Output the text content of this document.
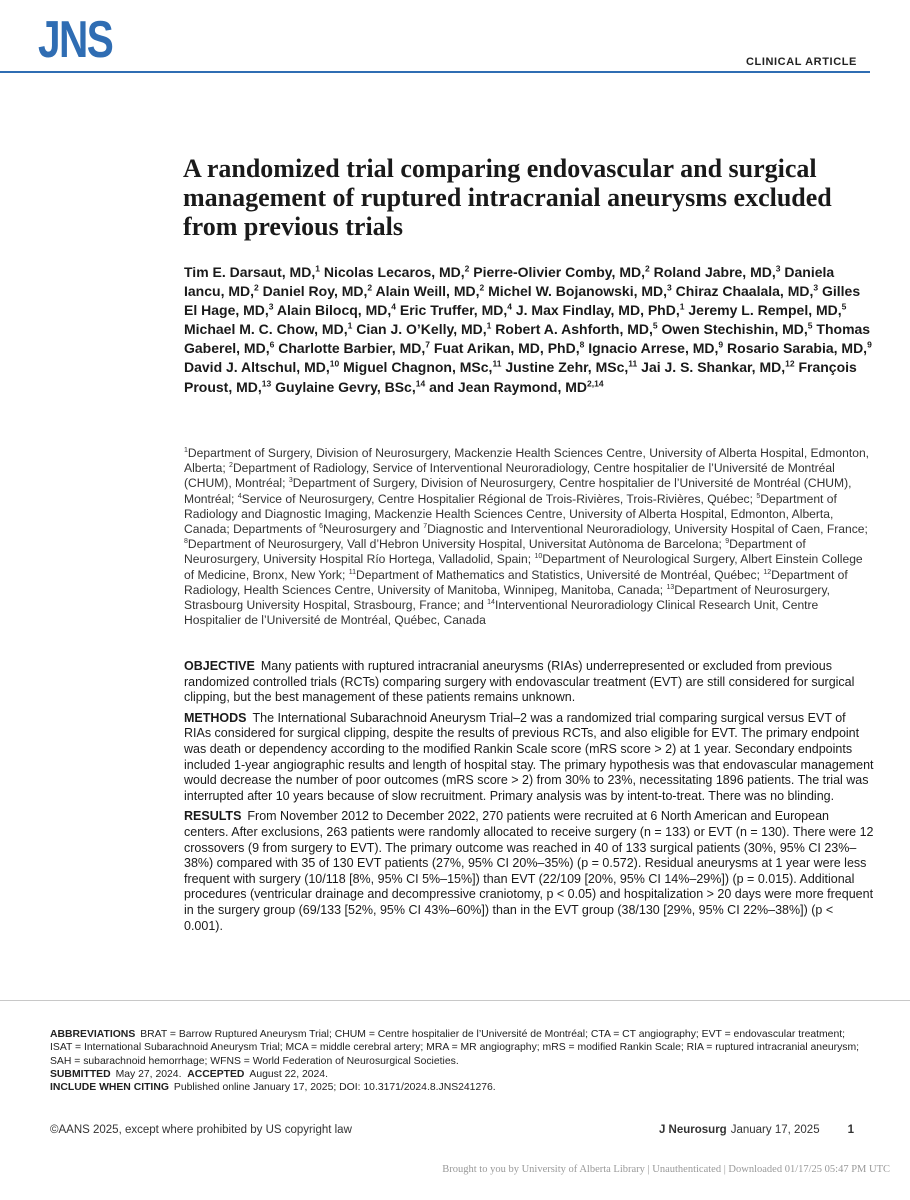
JNS	CLINICAL ARTICLE
A randomized trial comparing endovascular and surgical management of ruptured intracranial aneurysms excluded from previous trials
Tim E. Darsaut, MD,$^1$ Nicolas Lecaros, MD,$^2$ Pierre-Olivier Comby, MD,$^2$ Roland Jabre, MD,$^3$ Daniela Iancu, MD,$^2$ Daniel Roy, MD,$^2$ Alain Weill, MD,$^2$ Michel W. Bojanowski, MD,$^3$ Chiraz Chaalala, MD,$^3$ Gilles El Hage, MD,$^3$ Alain Bilocq, MD,$^4$ Eric Truffer, MD,$^4$ J. Max Findlay, MD, PhD,$^1$ Jeremy L. Rempel, MD,$^5$ Michael M. C. Chow, MD,$^1$ Cian J. O’Kelly, MD,$^1$ Robert A. Ashforth, MD,$^5$ Owen Stechishin, MD,$^5$ Thomas Gaberel, MD,$^6$ Charlotte Barbier, MD,$^7$ Fuat Arikan, MD, PhD,$^8$ Ignacio Arrese, MD,$^9$ Rosario Sarabia, MD,$^9$ David J. Altschul, MD,$^{10}$ Miguel Chagnon, MSc,$^{11}$ Justine Zehr, MSc,$^{11}$ Jai J. S. Shankar, MD,$^{12}$ François Proust, MD,$^{13}$ Guylaine Gevry, BSc,$^{14}$ and Jean Raymond, MD$^{2,14}$
$^1$Department of Surgery, Division of Neurosurgery, Mackenzie Health Sciences Centre, University of Alberta Hospital, Edmonton, Alberta; $^2$Department of Radiology, Service of Interventional Neuroradiology, Centre hospitalier de l’Université de Montréal (CHUM), Montréal; $^3$Department of Surgery, Division of Neurosurgery, Centre hospitalier de l’Université de Montréal (CHUM), Montréal; $^4$Service of Neurosurgery, Centre Hospitalier Régional de Trois-Rivières, Trois-Rivières, Québec; $^5$Department of Radiology and Diagnostic Imaging, Mackenzie Health Sciences Centre, University of Alberta Hospital, Edmonton, Alberta, Canada; Departments of $^6$Neurosurgery and $^7$Diagnostic and Interventional Neuroradiology, University Hospital of Caen, France; $^8$Department of Neurosurgery, Vall d’Hebron University Hospital, Universitat Autònoma de Barcelona; $^9$Department of Neurosurgery, University Hospital Río Hortega, Valladolid, Spain; $^{10}$Department of Neurological Surgery, Albert Einstein College of Medicine, Bronx, New York; $^{11}$Department of Mathematics and Statistics, Université de Montréal, Québec; $^{12}$Department of Radiology, Health Sciences Centre, University of Manitoba, Winnipeg, Manitoba, Canada; $^{13}$Department of Neurosurgery, Strasbourg University Hospital, Strasbourg, France; and $^{14}$Interventional Neuroradiology Clinical Research Unit, Centre Hospitalier de l’Université de Montréal, Québec, Canada

OBJECTIVE Many patients with ruptured intracranial aneurysms (RIAs) underrepresented or excluded from previous randomized controlled trials (RCTs) comparing surgery with endovascular treatment (EVT) are still considered for surgical clipping, but the best management of these patients remains unknown.

METHODS The International Subarachnoid Aneurysm Trial–2 was a randomized trial comparing surgical versus EVT of RIAs considered for surgical clipping, despite the results of previous RCTs, and also eligible for EVT. The primary endpoint was death or dependency according to the modified Rankin Scale score (mRS score > 2) at 1 year. Secondary endpoints included 1-year angiographic results and length of hospital stay. The primary hypothesis was that endovascular management would decrease the number of poor outcomes (mRS score > 2) from 30% to 23%, necessitating 1896 patients. The trial was interrupted after 10 years because of slow recruitment. Primary analysis was by intent-to-treat. There was no blinding.

RESULTS From November 2012 to December 2022, 270 patients were recruited at 6 North American and European centers. After exclusions, 263 patients were randomly allocated to receive surgery (n = 133) or EVT (n = 130). There were 12 crossovers (9 from surgery to EVT). The primary outcome was reached in 40 of 133 surgical patients (30%, 95% CI 23%–38%) compared with 35 of 130 EVT patients (27%, 95% CI 20%–35%) (p = 0.572). Residual aneurysms at 1 year were less frequent with surgery (10/118 [8%, 95% CI 5%–15%]) than EVT (22/109 [20%, 95% CI 14%–29%]) (p = 0.015). Additional procedures (ventricular drainage and decompressive craniotomy, p < 0.05) and hospitalization > 20 days were more frequent in the surgery group (69/133 [52%, 95% CI 43%–60%]) than in the EVT group (38/130 [29%, 95% CI 22%–38%]) (p < 0.001).

ABBREVIATIONS BRAT = Barrow Ruptured Aneurysm Trial; CHUM = Centre hospitalier de l’Université de Montréal; CTA = CT angiography; EVT = endovascular treatment; ISAT = International Subarachnoid Aneurysm Trial; MCA = middle cerebral artery; MRA = MR angiography; mRS = modified Rankin Scale; RIA = ruptured intracranial aneurysm; SAH = subarachnoid hemorrhage; WFNS = World Federation of Neurosurgical Societies.

SUBMITTED May 27, 2024. ACCEPTED August 22, 2024.

INCLUDE WHEN CITING Published online January 17, 2025; DOI: 10.3171/2024.8.JNS241276.

©AANS 2025, except where prohibited by US copyright law	J Neurosurg January 17, 2025 1
Brought to you by University of Alberta Library | Unauthenticated | Downloaded 01/17/25 05:47 PM UTC
